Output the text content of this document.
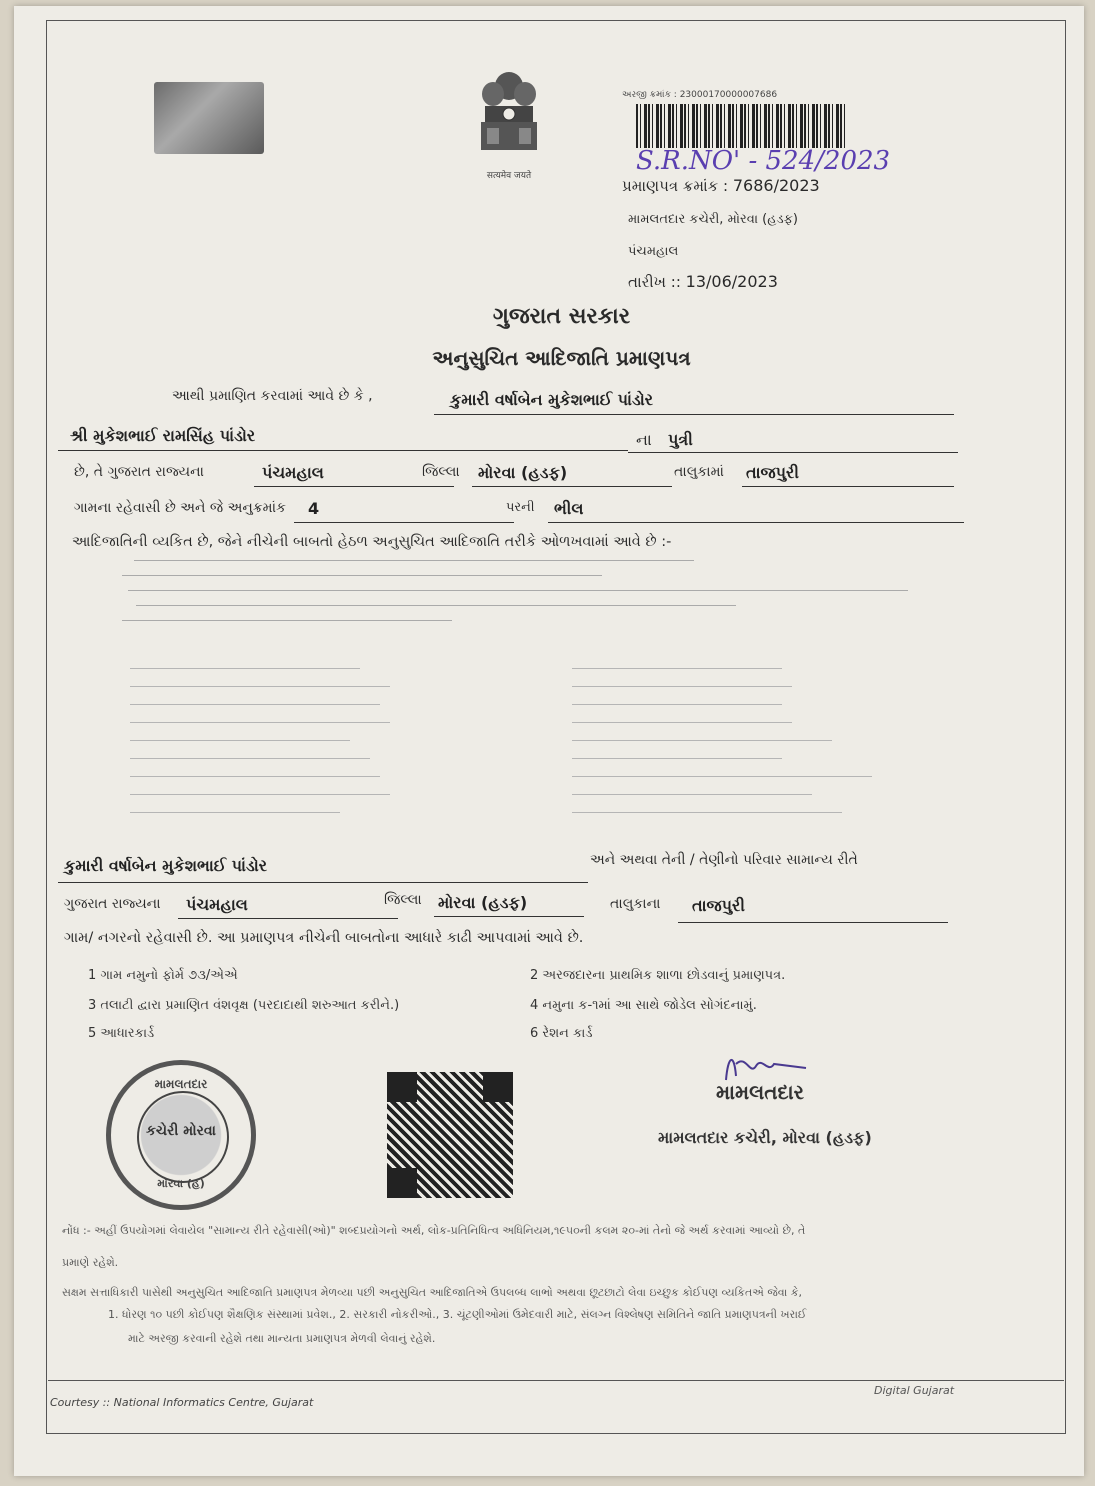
सत्यमेव जयते
અરજી ક્રમાંક : 23000170000007686
S.R.NO' - 524/2023
પ્રમાણપત્ર ક્રમાંક : 7686/2023
મામલતદાર કચેરી, મોરવા (હડફ)
પંચમહાલ
તારીખ :: 13/06/2023
ગુજરાત સરકાર
અનુસુચિત આદિજાતિ પ્રમાણપત્ર
આથી પ્રમાણિત કરવામાં આવે છે કે ,	કુમારી વર્ષાબેન મુકેશભાઈ પાંડોર
શ્રી મુકેશભાઈ રામસિંહ પાંડોર	ના પુત્રી
છે, તે ગુજરાત રાજ્યના	પંચમહાલ	જિલ્લા મોરવા (હડફ)	તાલુકામાં તાજપુરી
ગામના રહેવાસી છે અને જે અનુક્રમાંક 4	પરની ભીલ
આદિજાતિની વ્યકિત છે, જેને નીચેની બાબતો હેઠળ અનુસુચિત આદિજાતિ તરીકે ઓળખવામાં આવે છે :-
કુમારી વર્ષાબેન મુકેશભાઈ પાંડોર	અને અથવા તેની / તેણીનો પરિવાર સામાન્ય રીતે
ગુજરાત રાજ્યના પંચમહાલ	જિલ્લા મોરવા (હડફ)	તાલુકાના તાજપુરી
ગામ/ નગરનો રહેવાસી છે. આ પ્રમાણપત્ર નીચેની બાબતોના આધારે કાઢી આપવામાં આવે છે.
1 ગામ નમુનો ફોર્મ ૭૩/એએ	2 અરજદારના પ્રાથમિક શાળા છોડવાનું પ્રમાણપત્ર.
3 તલાટી દ્વારા પ્રમાણિત વંશવૃક્ષ (પરદાદાથી શરુઆત કરીને.)	4 નમુના ક-૧માં આ સાથે જોડેલ સોગંદનામું.
5 આધારકાર્ડ	6 રેશન કાર્ડ
મામલતદાર
કચેરી મોરવા
મોરવા (હ)
મામલતદાર
મામલતદાર કચેરી, મોરવા (હડફ)
નોંધ :- અહીં ઉપયોગમાં લેવાયેલ "સામાન્ય રીતે રહેવાસી(ઓ)" શબ્દપ્રયોગનો અર્થ, લોક-પ્રતિનિધિત્વ અધિનિયમ,૧૯૫૦ની કલમ ૨૦-માં તેનો જે અર્થ કરવામાં આવ્યો છે, તે
પ્રમાણે રહેશે.
સક્ષમ સત્તાધિકારી પાસેથી અનુસુચિત આદિજાતિ પ્રમાણપત્ર મેળવ્યા પછી અનુસુચિત આદિજાતિએ ઉપલબ્ધ લાભો અથવા છૂટછાટો લેવા ઇચ્છુક કોઈપણ વ્યકિતએ જેવા કે,
1. ધોરણ ૧૦ પછી કોઈપણ શૈક્ષણિક સંસ્થામાં પ્રવેશ., 2. સરકારી નોકરીઓ., 3. ચૂંટણીઓમાં ઉમેદવારી માટે, સંલગ્ન વિશ્લેષણ સમિતિને જાતિ પ્રમાણપત્રની ખરાઈ
માટે અરજી કરવાની રહેશે તથા માન્યતા પ્રમાણપત્ર મેળવી લેવાનું રહેશે.
Courtesy :: National Informatics Centre, Gujarat
Digital Gujarat
